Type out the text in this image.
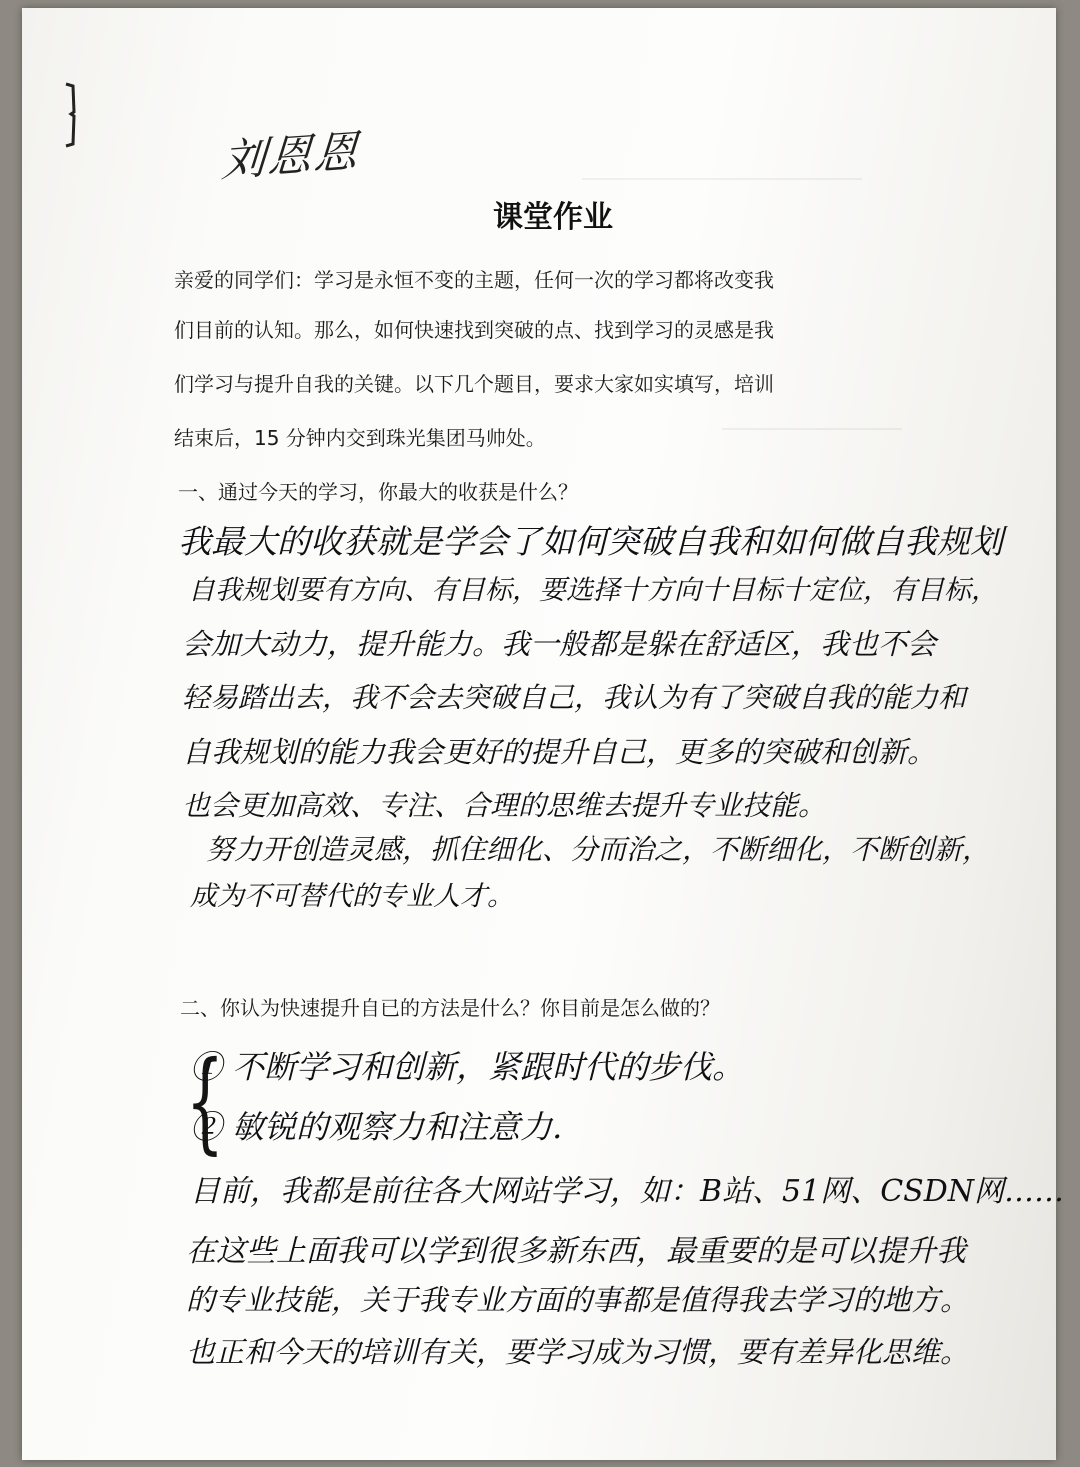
刘恩恩
课堂作业
亲爱的同学们：学习是永恒不变的主题，任何一次的学习都将改变我
们目前的认知。那么，如何快速找到突破的点、找到学习的灵感是我
们学习与提升自我的关键。以下几个题目，要求大家如实填写，培训
结束后，15 分钟内交到珠光集团马帅处。
一、通过今天的学习，你最大的收获是什么？
我最大的收获就是学会了如何突破自我和如何做自我规划
自我规划要有方向、有目标，要选择十方向十目标十定位，有目标，
会加大动力，提升能力。我一般都是躲在舒适区，我也不会
轻易踏出去，我不会去突破自己，我认为有了突破自我的能力和
自我规划的能力我会更好的提升自己，更多的突破和创新。
也会更加高效、专注、合理的思维去提升专业技能。
努力开创造灵感，抓住细化、分而治之，不断细化，不断创新，
成为不可替代的专业人才。
二、你认为快速提升自已的方法是什么？你目前是怎么做的？
{
① 不断学习和创新，紧跟时代的步伐。
② 敏锐的观察力和注意力.
目前，我都是前往各大网站学习，如：B站、51网、CSDN网……
在这些上面我可以学到很多新东西，最重要的是可以提升我
的专业技能，关于我专业方面的事都是值得我去学习的地方。
也正和今天的培训有关，要学习成为习惯，要有差异化思维。
